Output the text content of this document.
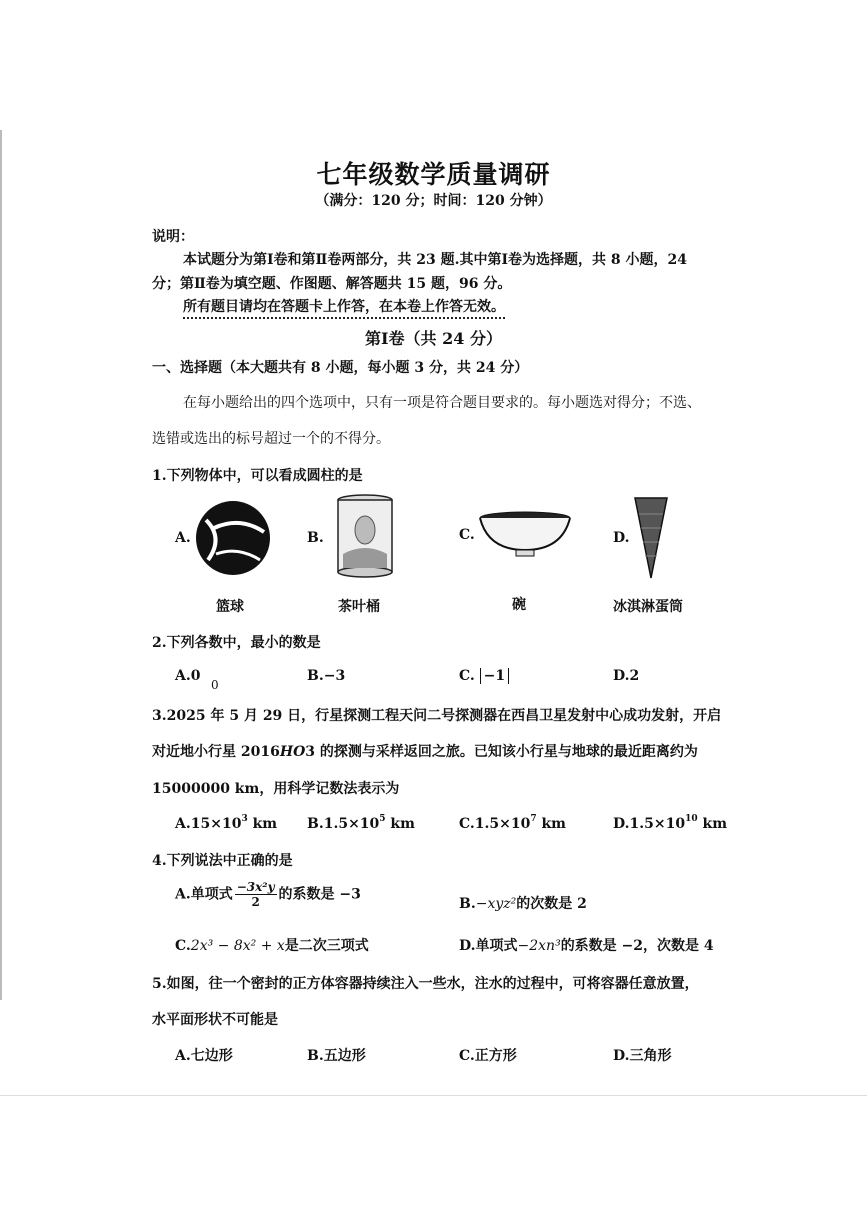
七年级数学质量调研
（满分：120 分；时间：120 分钟）
说明：
本试题分为第Ⅰ卷和第Ⅱ卷两部分，共 23 题.其中第Ⅰ卷为选择题，共 8 小题，24
分；第Ⅱ卷为填空题、作图题、解答题共 15 题，96 分。
所有题目请均在答题卡上作答，在本卷上作答无效。
第Ⅰ卷（共 24 分）
一、选择题（本大题共有 8 小题，每小题 3 分，共 24 分）
在每小题给出的四个选项中，只有一项是符合题目要求的。每小题选对得分；不选、
选错或选出的标号超过一个的不得分。
1.下列物体中，可以看成圆柱的是
A.
篮球
B.
茶叶桶
C.
碗
D.
冰淇淋蛋筒
2.下列各数中，最小的数是
A.0
0
B.−3	C. −1	D.2
3.2025 年 5 月 29 日，行星探测工程天问二号探测器在西昌卫星发射中心成功发射，开启
对近地小行星 2016HO3 的探测与采样返回之旅。已知该小行星与地球的最近距离约为
15000000 km，用科学记数法表示为
$A.15\times 10^3$ km $B.1.5\times 10^5$ km	$C.1.5\times 10^7$ km	$D.1.5\times 10^{10}$ km
4.下列说法中正确的是
A.单项式 $\frac{\text{−3x²y}}{2}$ 的系数是 −3
B.−xyz²的次数是 2
C.2x³ − 8x² + x是二次三项式	D.单项式−2xn³的系数是 −2，次数是 4
5.如图，往一个密封的正方体容器持续注入一些水，注水的过程中，可将容器任意放置，
水平面形状不可能是
A.七边形	B.五边形	C.正方形	D.三角形
